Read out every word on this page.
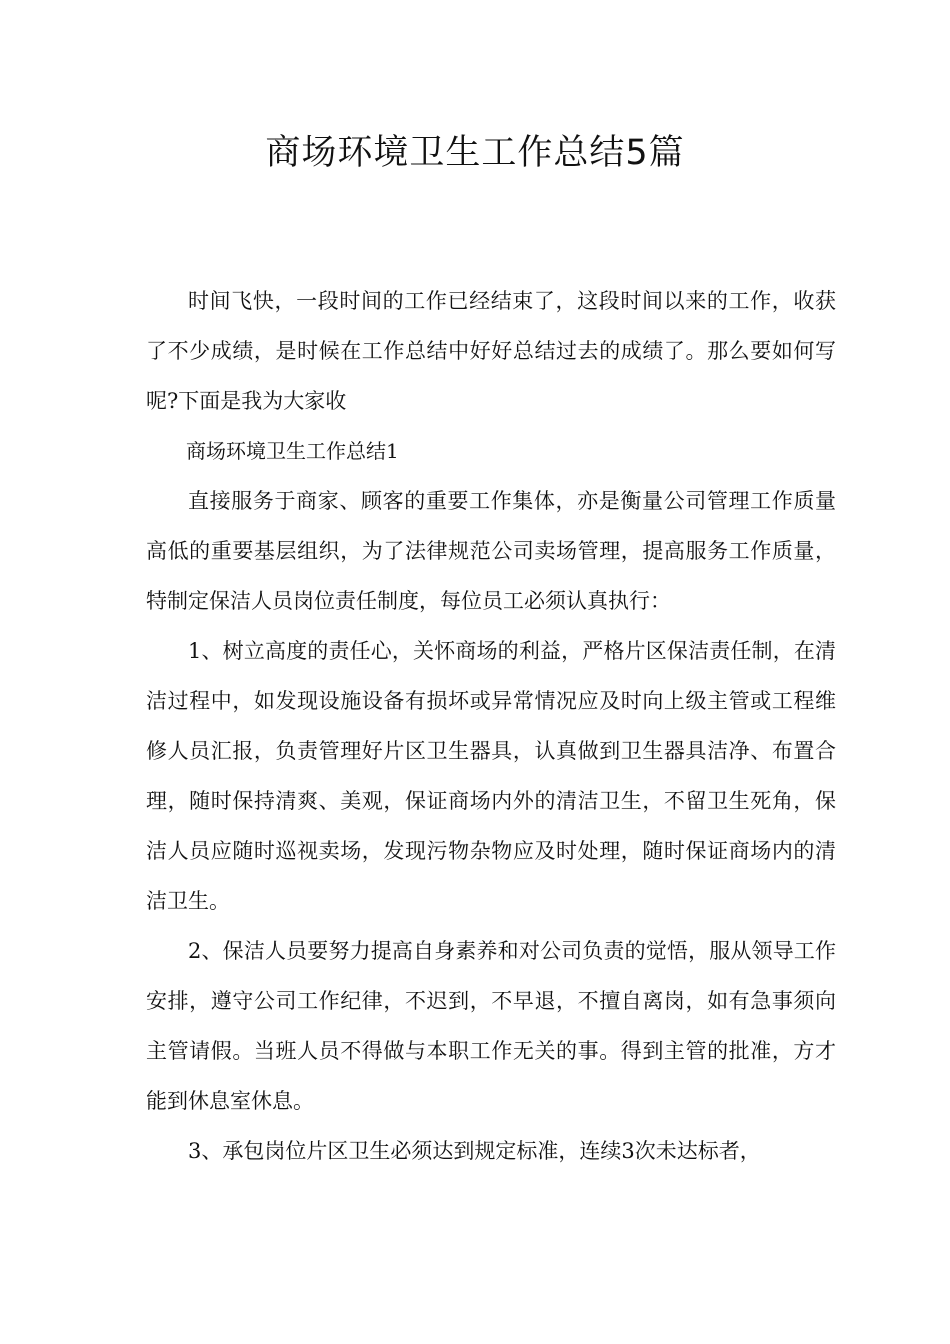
商场环境卫生工作总结5篇

时间飞快，一段时间的工作已经结束了，这段时间以来的工作，收获了不少成绩，是时候在工作总结中好好总结过去的成绩了。那么要如何写呢?下面是我为大家收

商场环境卫生工作总结1

直接服务于商家、顾客的重要工作集体，亦是衡量公司管理工作质量高低的重要基层组织，为了法律规范公司卖场管理，提高服务工作质量，特制定保洁人员岗位责任制度，每位员工必须认真执行：

1、树立高度的责任心，关怀商场的利益，严格片区保洁责任制，在清洁过程中，如发现设施设备有损坏或异常情况应及时向上级主管或工程维修人员汇报，负责管理好片区卫生器具，认真做到卫生器具洁净、布置合理，随时保持清爽、美观，保证商场内外的清洁卫生，不留卫生死角，保洁人员应随时巡视卖场，发现污物杂物应及时处理，随时保证商场内的清洁卫生。

2、保洁人员要努力提高自身素养和对公司负责的觉悟，服从领导工作安排，遵守公司工作纪律，不迟到，不早退，不擅自离岗，如有急事须向主管请假。当班人员不得做与本职工作无关的事。得到主管的批准，方才能到休息室休息。

3、承包岗位片区卫生必须达到规定标准，连续3次未达标者，
